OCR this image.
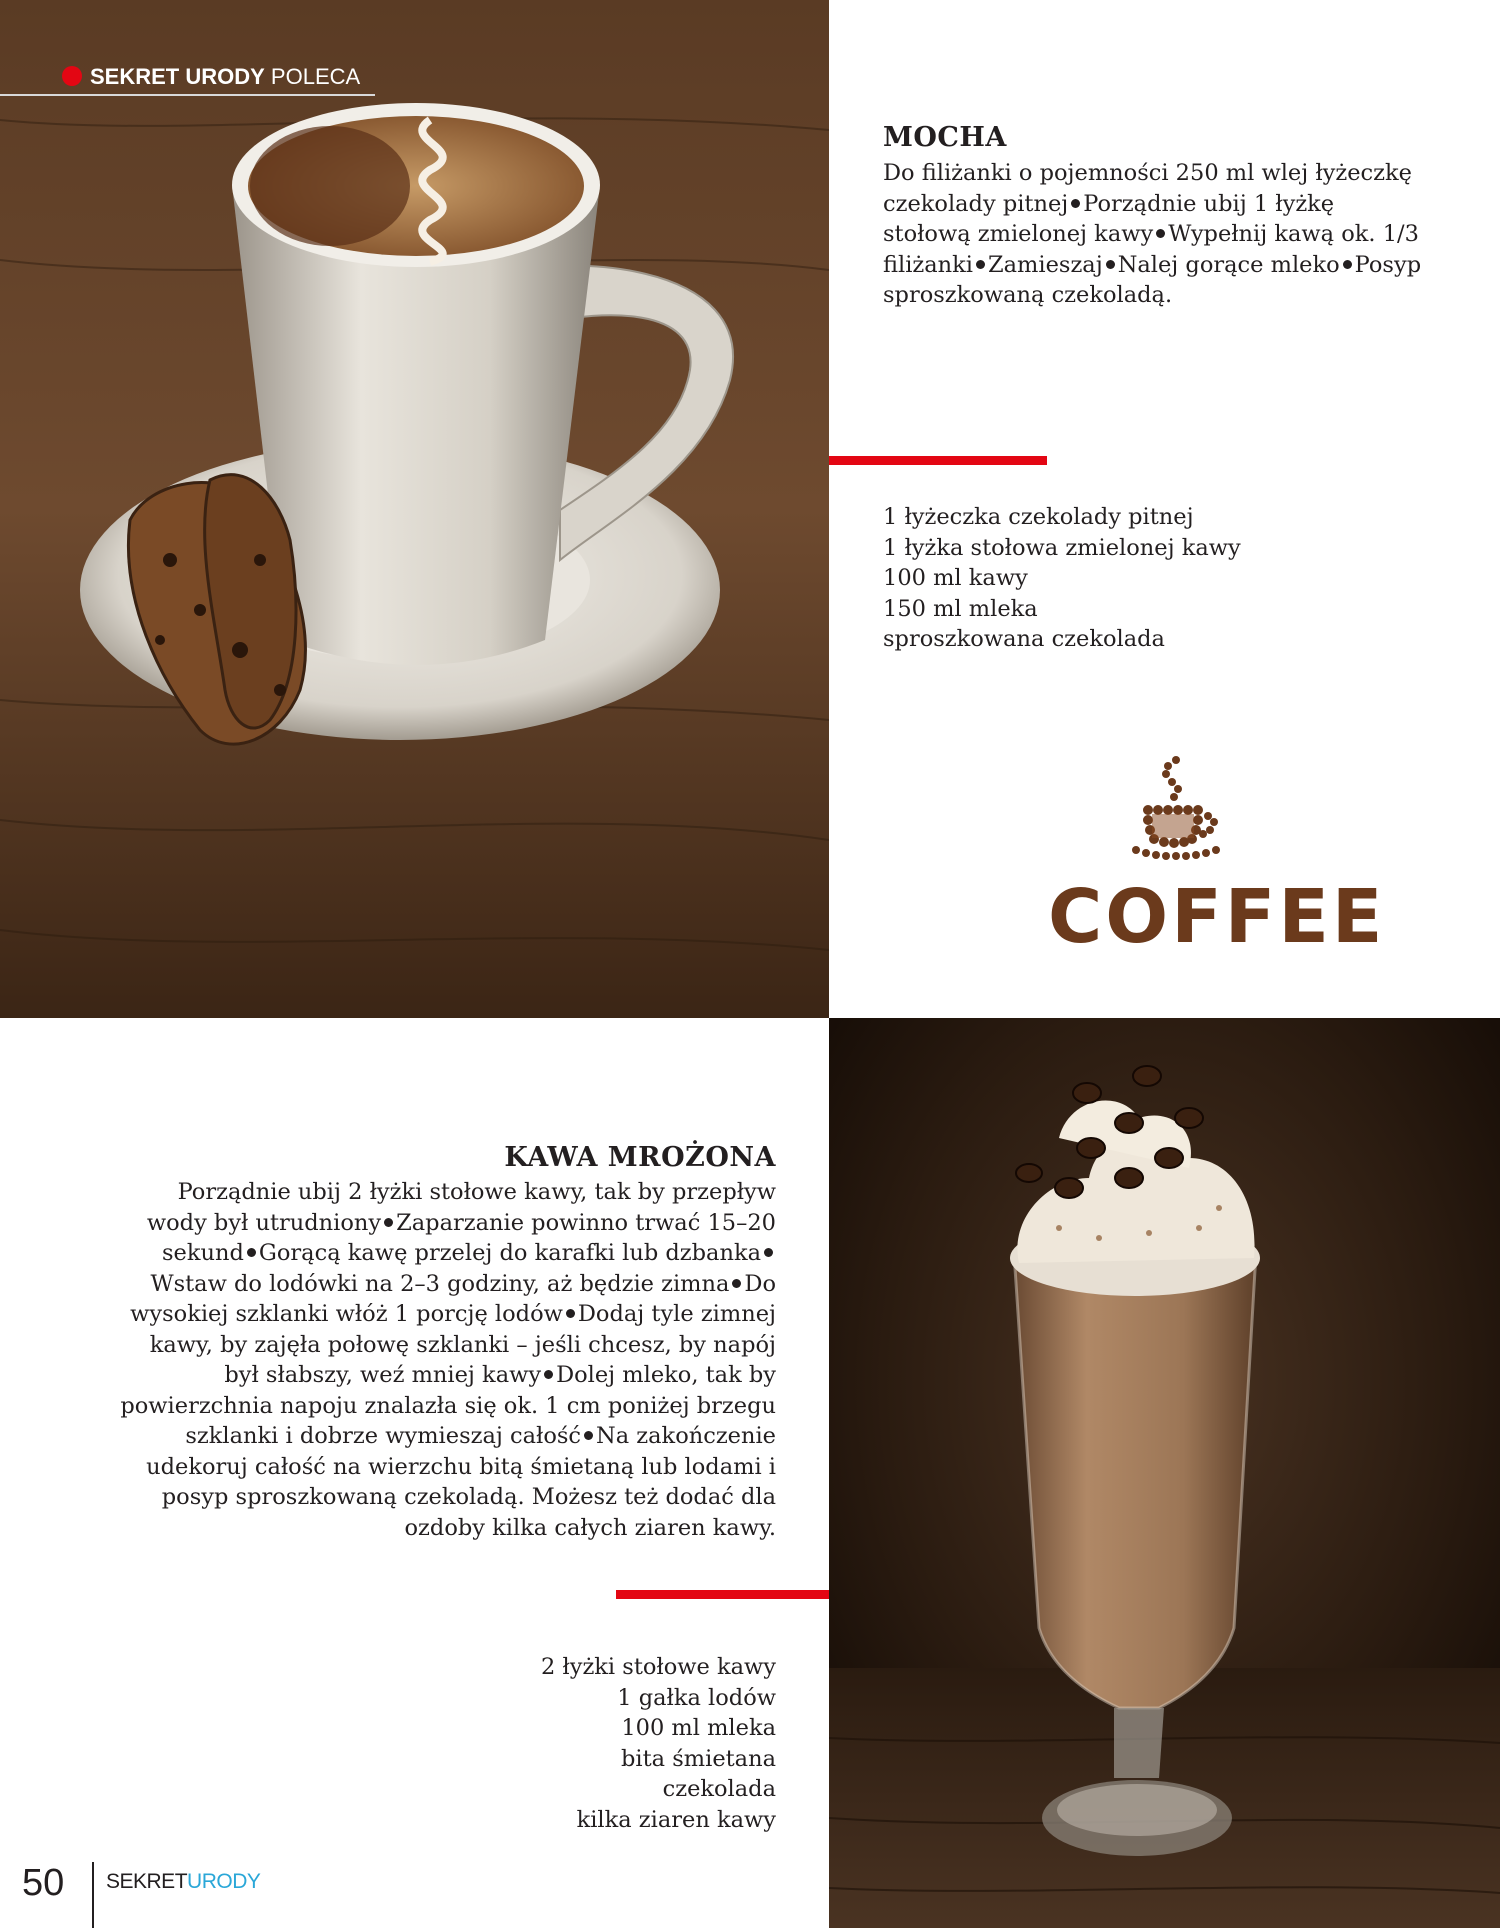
SEKRET URODY POLECA
MOCHA
Do filiżanki o pojemności 250 ml wlej łyżeczkę czekolady pitnej Porządnie ubij 1 łyżkę stołową zmielonej kawy Wypełnij kawą ok. 1/3 filiżanki Zamieszaj Nalej gorące mleko Posyp sproszkowaną czekoladą.
1 łyżeczka czekolady pitnej
1 łyżka stołowa zmielonej kawy
100 ml kawy
150 ml mleka
sproszkowana czekolada
COFFEE
KAWA MROŻONA
Porządnie ubij 2 łyżki stołowe kawy, tak by przepływ wody był utrudniony Zaparzanie powinno trwać 15–20 sekund Gorącą kawę przelej do karafki lub dzbankaWstaw do lodówki na 2–3 godziny, aż będzie zimna Do wysokiej szklanki włóż 1 porcję lodów Dodaj tyle zimnej kawy, by zajęła połowę szklanki – jeśli chcesz, by napój był słabszy, weź mniej kawy Dolej mleko, tak by powierzchnia napoju znalazła się ok. 1 cm poniżej brzegu szklanki i dobrze wymieszaj całość Na zakończenie udekoruj całość na wierzchu bitą śmietaną lub lodami i posyp sproszkowaną czekoladą. Możesz też dodać dla ozdoby kilka całych ziaren kawy.
2 łyżki stołowe kawy
1 gałka lodów
100 ml mleka
bita śmietana
czekolada
kilka ziaren kawy
50 SEKRETURODY
